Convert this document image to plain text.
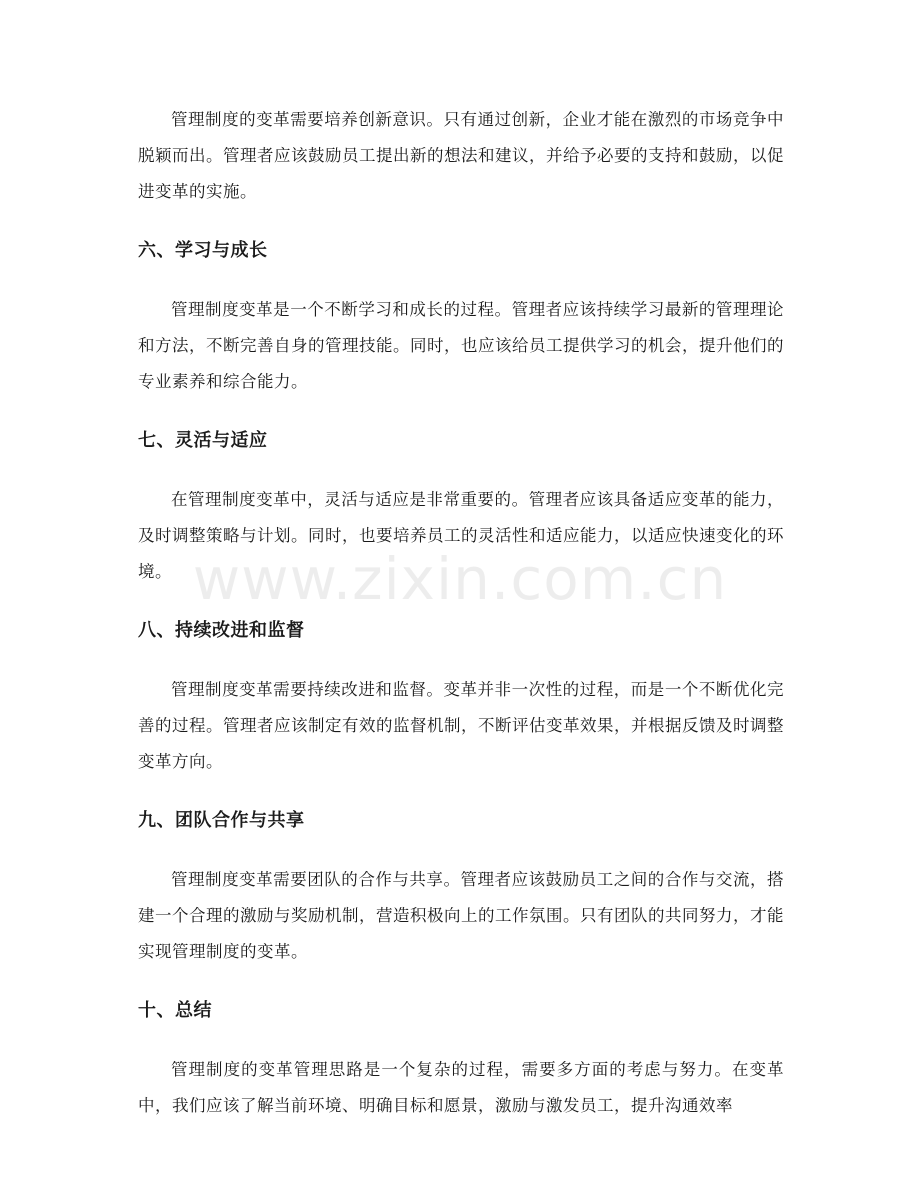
管理制度的变革需要培养创新意识。只有通过创新，企业才能在激烈的市场竞争中脱颖而出。管理者应该鼓励员工提出新的想法和建议，并给予必要的支持和鼓励，以促进变革的实施。

六、学习与成长

管理制度变革是一个不断学习和成长的过程。管理者应该持续学习最新的管理理论和方法，不断完善自身的管理技能。同时，也应该给员工提供学习的机会，提升他们的专业素养和综合能力。

七、灵活与适应

在管理制度变革中，灵活与适应是非常重要的。管理者应该具备适应变革的能力，及时调整策略与计划。同时，也要培养员工的灵活性和适应能力，以适应快速变化的环境。

八、持续改进和监督

管理制度变革需要持续改进和监督。变革并非一次性的过程，而是一个不断优化完善的过程。管理者应该制定有效的监督机制，不断评估变革效果，并根据反馈及时调整变革方向。

九、团队合作与共享

管理制度变革需要团队的合作与共享。管理者应该鼓励员工之间的合作与交流，搭建一个合理的激励与奖励机制，营造积极向上的工作氛围。只有团队的共同努力，才能实现管理制度的变革。

十、总结

管理制度的变革管理思路是一个复杂的过程，需要多方面的考虑与努力。在变革中，我们应该了解当前环境、明确目标和愿景，激励与激发员工，提升沟通效率

www.zixin.com.cn
